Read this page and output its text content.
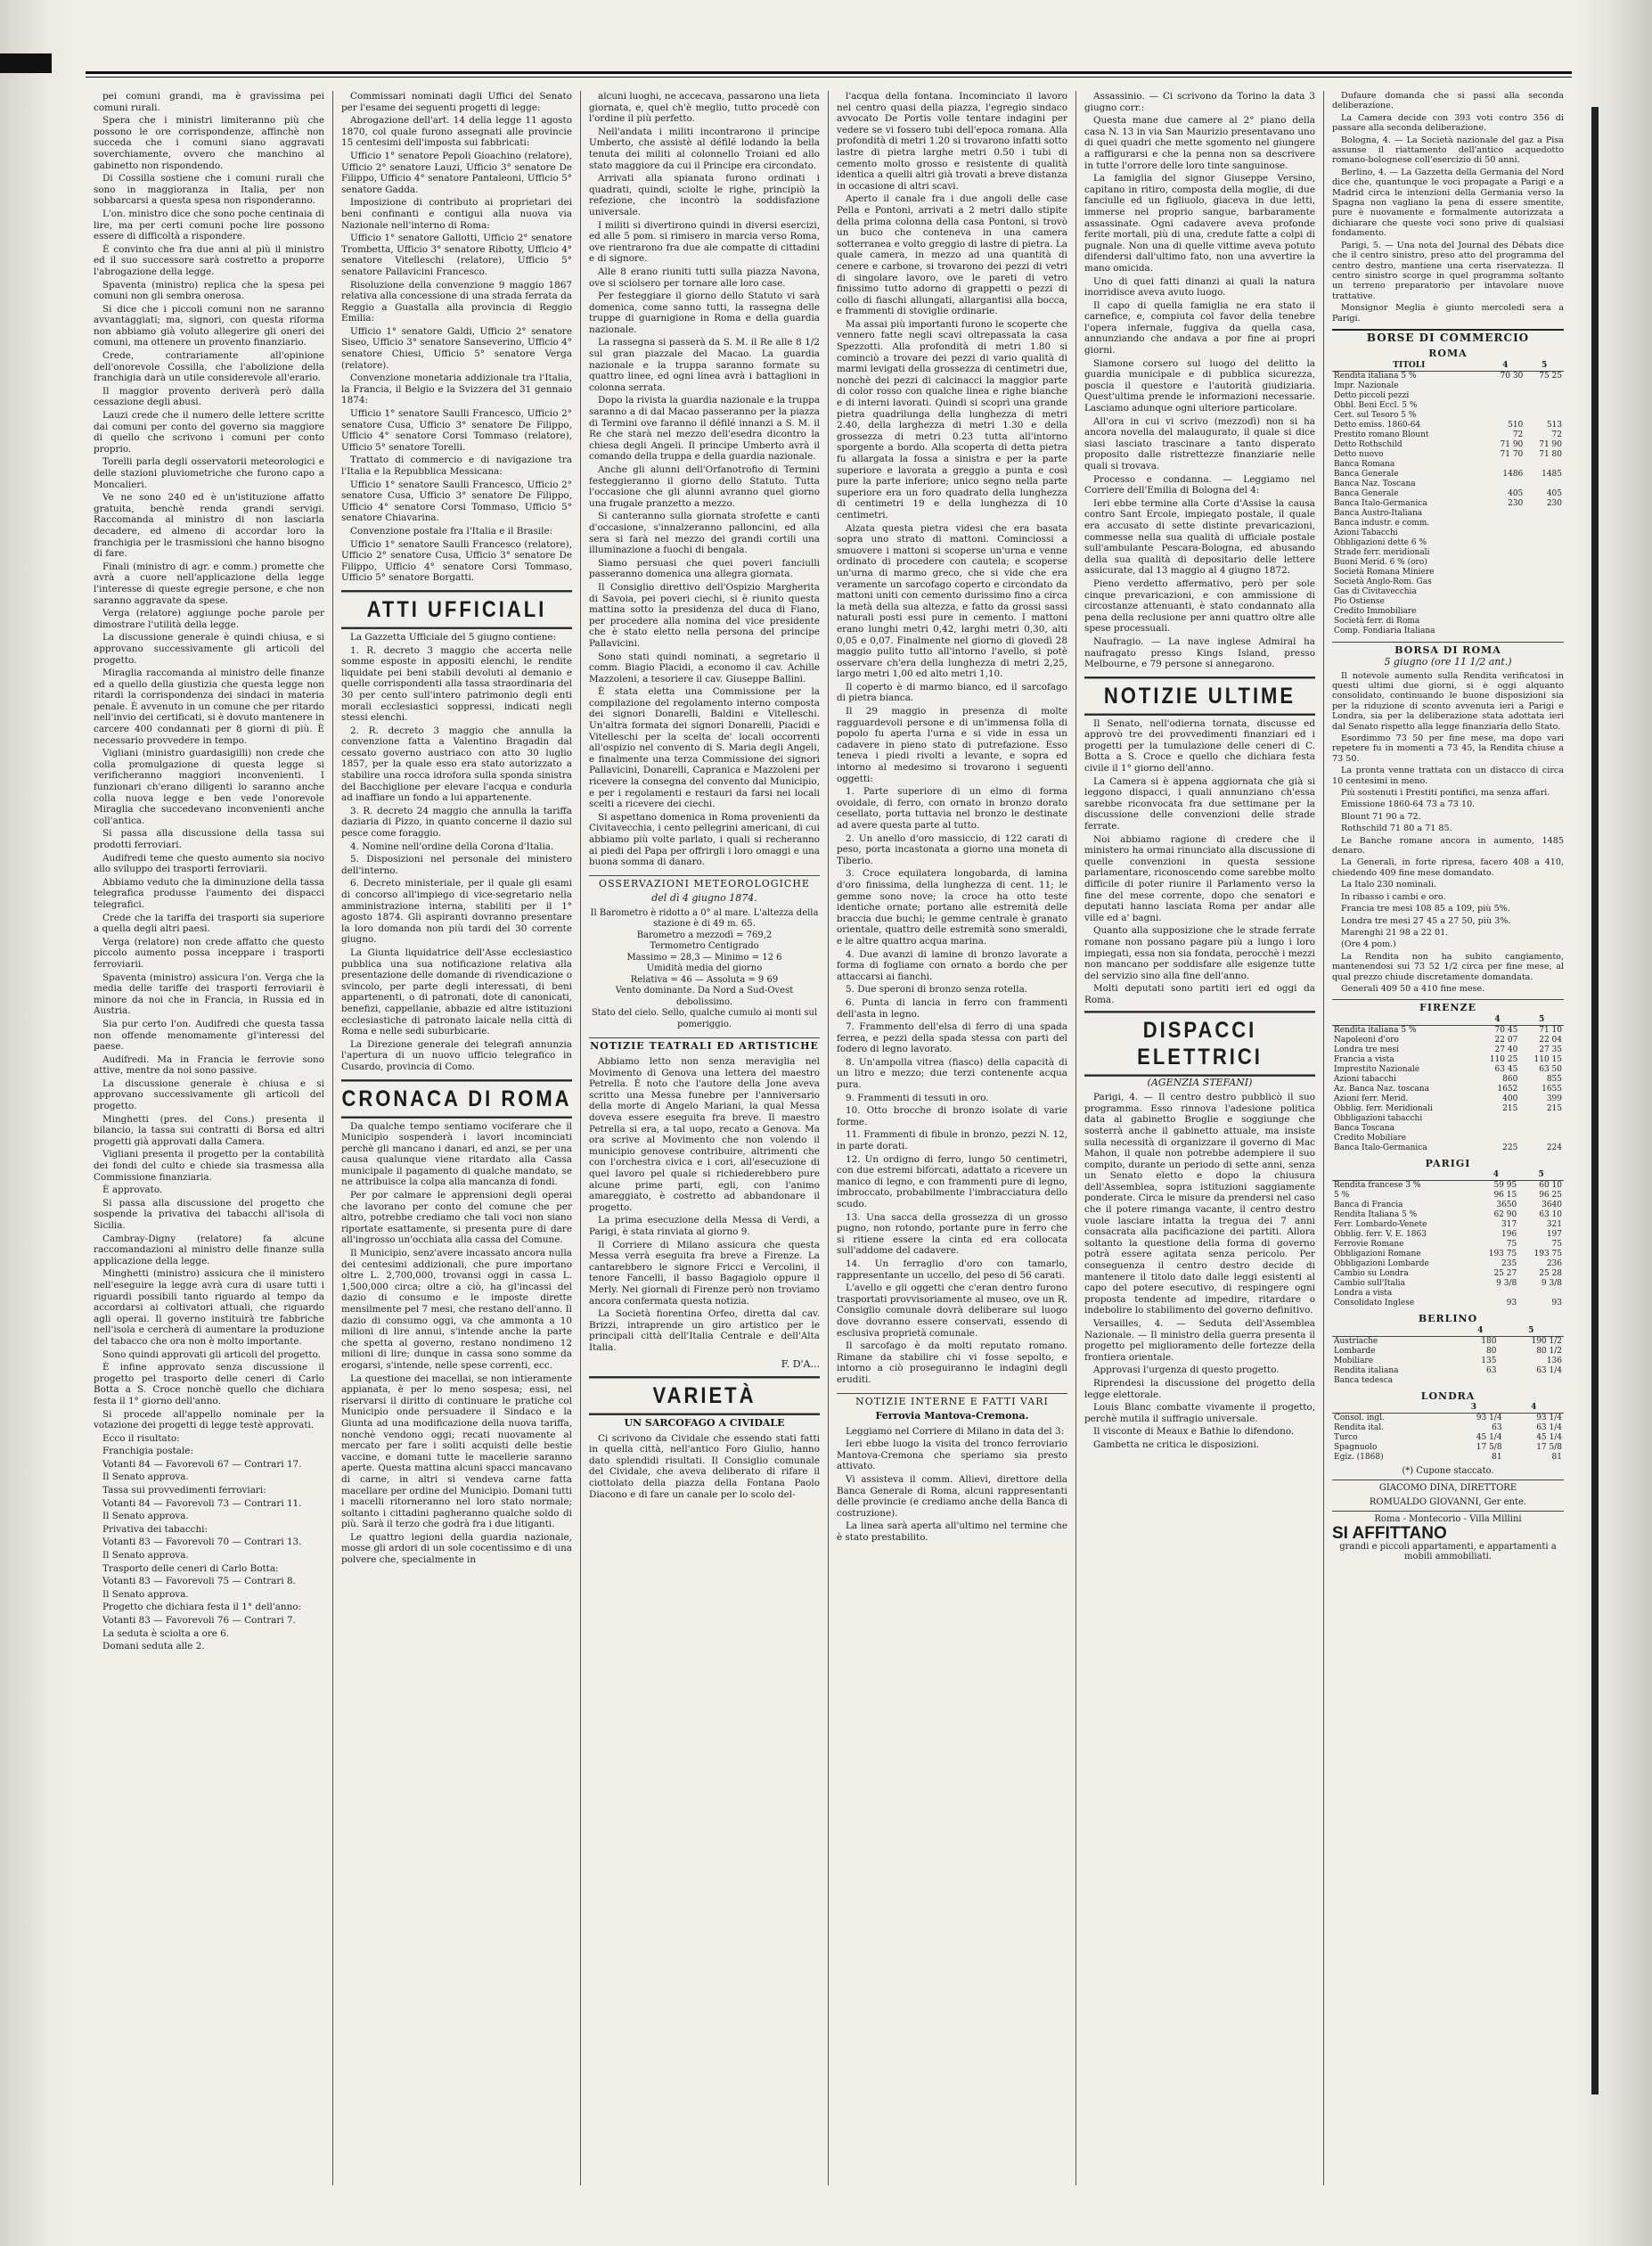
pei comuni grandi, ma è gravissima pei comuni rurali.

Spera che i ministri limiteranno più che possono le ore corrispondenze, affinchè non succeda che i comuni siano aggravati soverchiamente, ovvero che manchino al gabinetto non rispondendo.

Di Cossilla sostiene che i comuni rurali che sono in maggioranza in Italia, per non sobbarcarsi a questa spesa non risponderanno.

L'on. ministro dice che sono poche centinaia di lire, ma per certi comuni poche lire possono essere di difficoltà a rispondere.

È convinto che fra due anni al più il ministro ed il suo successore sarà costretto a proporre l'abrogazione della legge.

Spaventa (ministro) replica che la spesa pei comuni non gli sembra onerosa.

Si dice che i piccoli comuni non ne saranno avvantaggiati; ma, signori, con questa riforma non abbiamo già voluto allegerire gli oneri dei comuni, ma ottenere un provento finanziario.

Crede, contrariamente all'opinione dell'onorevole Cossilla, che l'abolizione della franchigia darà un utile considerevole all'erario.

Il maggior provento deriverà però dalla cessazione degli abusi.

Lauzi crede che il numero delle lettere scritte dai comuni per conto del governo sia maggiore di quello che scrivono i comuni per conto proprio.

Torelli parla degli osservatorii meteorologici e delle stazioni pluviometriche che furono capo a Moncalieri.

Ve ne sono 240 ed è un'istituzione affatto gratuita, benchè renda grandi servigi. Raccomanda al ministro di non lasciarla decadere, ed almeno di accordar loro la franchigia per le trasmissioni che hanno bisogno di fare.

Finali (ministro di agr. e comm.) promette che avrà a cuore nell'applicazione della legge l'interesse di queste egregie persone, e che non saranno aggravate da spese.

Verga (relatore) aggiunge poche parole per dimostrare l'utilità della legge.

La discussione generale è quindi chiusa, e si approvano successivamente gli articoli del progetto.

Miraglia raccomanda al ministro delle finanze ed a quello della giustizia che questa legge non ritardi la corrispondenza dei sindaci in materia penale. È avvenuto in un comune che per ritardo nell'invio dei certificati, si è dovuto mantenere in carcere 400 condannati per 8 giorni di più. È necessario provvedere in tempo.

Vigliani (ministro guardasigilli) non crede che colla promulgazione di questa legge si verificheranno maggiori inconvenienti. I funzionari ch'erano diligenti lo saranno anche colla nuova legge e ben vede l'onorevole Miraglia che succedevano inconvenienti anche coll'antica.

Si passa alla discussione della tassa sui prodotti ferroviari.

Audifredi teme che questo aumento sia nocivo allo sviluppo dei trasporti ferroviarii.

Abbiamo veduto che la diminuzione della tassa telegrafica produsse l'aumento dei dispacci telegrafici.

Crede che la tariffa dei trasporti sia superiore a quella degli altri paesi.

Verga (relatore) non crede affatto che questo piccolo aumento possa inceppare i trasporti ferroviarii.

Spaventa (ministro) assicura l'on. Verga che la media delle tariffe dei trasporti ferroviarii è minore da noi che in Francia, in Russia ed in Austria.

Sia pur certo l'on. Audifredi che questa tassa non offende menomamente gl'interessi del paese.

Audifredi. Ma in Francia le ferrovie sono attive, mentre da noi sono passive.

La discussione generale è chiusa e si approvano successivamente gli articoli del progetto.

Minghetti (pres. del Cons.) presenta il bilancio, la tassa sui contratti di Borsa ed altri progetti già approvati dalla Camera.

Vigliani presenta il progetto per la contabilità dei fondi del culto e chiede sia trasmessa alla Commissione finanziaria.

È approvato.

Si passa alla discussione del progetto che sospende la privativa dei tabacchi all'isola di Sicilia.

Cambray-Digny (relatore) fa alcune raccomandazioni al ministro delle finanze sulla applicazione della legge.

Minghetti (ministro) assicura che il ministero nell'eseguire la legge avrà cura di usare tutti i riguardi possibili tanto riguardo al tempo da accordarsi ai coltivatori attuali, che riguardo agli operai. Il governo instituirà tre fabbriche nell'isola e cercherà di aumentare la produzione del tabacco che ora non è molto importante.

Sono quindi approvati gli articoli del progetto.

È infine approvato senza discussione il progetto pel trasporto delle ceneri di Carlo Botta a S. Croce nonchè quello che dichiara festa il 1° giorno dell'anno.

Si procede all'appello nominale per la votazione dei progetti di legge testè approvati.

Ecco il risultato:

Franchigia postale:

Votanti 84 — Favorevoli 67 — Contrari 17.

Il Senato approva.

Tassa sui provvedimenti ferroviari:

Votanti 84 — Favorevoli 73 — Contrari 11.

Il Senato approva.

Privativa dei tabacchi:

Votanti 83 — Favorevoli 70 — Contrari 13.

Il Senato approva.

Trasporto delle ceneri di Carlo Botta:

Votanti 83 — Favorevoli 75 — Contrari 8.

Il Senato approva.

Progetto che dichiara festa il 1° dell'anno:

Votanti 83 — Favorevoli 76 — Contrari 7.

La seduta è sciolta a ore 6.

Domani seduta alle 2.

Commissari nominati dagli Uffici del Senato per l'esame dei seguenti progetti di legge:

Abrogazione dell'art. 14 della legge 11 agosto 1870, col quale furono assegnati alle provincie 15 centesimi dell'imposta sui fabbricati:

Ufficio 1° senatore Pepoli Gioachino (relatore), Ufficio 2° senatore Lauzi, Ufficio 3° senatore De Filippo, Ufficio 4° senatore Pantaleoni, Ufficio 5° senatore Gadda.

Imposizione di contributo ai proprietari dei beni confinanti e contigui alla nuova via Nazionale nell'interno di Roma:

Ufficio 1° senatore Gallotti, Ufficio 2° senatore Trombetta, Ufficio 3° senatore Ribotty, Ufficio 4° senatore Vitelleschi (relatore), Ufficio 5° senatore Pallavicini Francesco.

Risoluzione della convenzione 9 maggio 1867 relativa alla concessione di una strada ferrata da Reggio a Guastalla alla provincia di Reggio Emilia:

Ufficio 1° senatore Galdi, Ufficio 2° senatore Siseo, Ufficio 3° senatore Sanseverino, Ufficio 4° senatore Chiesi, Ufficio 5° senatore Verga (relatore).

Convenzione monetaria addizionale tra l'Italia, la Francia, il Belgio e la Svizzera del 31 gennaio 1874:

Ufficio 1° senatore Saulli Francesco, Ufficio 2° senatore Cusa, Ufficio 3° senatore De Filippo, Ufficio 4° senatore Corsi Tommaso (relatore), Ufficio 5° senatore Torelli.

Trattato di commercio e di navigazione tra l'Italia e la Repubblica Messicana:

Ufficio 1° senatore Saulli Francesco, Ufficio 2° senatore Cusa, Ufficio 3° senatore De Filippo, Ufficio 4° senatore Corsi Tommaso, Ufficio 5° senatore Chiavarina.

Convenzione postale fra l'Italia e il Brasile:

Ufficio 1° senatore Saulli Francesco (relatore), Ufficio 2° senatore Cusa, Ufficio 3° senatore De Filippo, Ufficio 4° senatore Corsi Tommaso, Ufficio 5° senatore Borgatti.

ATTI UFFICIALI

La Gazzetta Ufficiale del 5 giugno contiene:

1. R. decreto 3 maggio che accerta nelle somme esposte in appositi elenchi, le rendite liquidate pei beni stabili devoluti al demanio e quelle corrispondenti alla tassa straordinaria del 30 per cento sull'intero patrimonio degli enti morali ecclesiastici soppressi, indicati negli stessi elenchi.

2. R. decreto 3 maggio che annulla la convenzione fatta a Valentino Bragadin dal cessato governo austriaco con atto 30 luglio 1857, per la quale esso era stato autorizzato a stabilire una rocca idrofora sulla sponda sinistra del Bacchiglione per elevare l'acqua e condurla ad inaffiare un fondo a lui appartenente.

3. R. decreto 24 maggio che annulla la tariffa daziaria di Pizzo, in quanto concerne il dazio sul pesce come foraggio.

4. Nomine nell'ordine della Corona d'Italia.

5. Disposizioni nel personale del ministero dell'interno.

6. Decreto ministeriale, per il quale gli esami di concorso all'impiego di vice-segretario nella amministrazione interna, stabiliti per il 1° agosto 1874. Gli aspiranti dovranno presentare la loro domanda non più tardi del 30 corrente giugno.

La Giunta liquidatrice dell'Asse ecclesiastico pubblica una sua notificazione relativa alla presentazione delle domande di rivendicazione o svincolo, per parte degli interessati, di beni appartenenti, o di patronati, dote di canonicati, benefizi, cappellanie, abbazie ed altre istituzioni ecclesiastiche di patronato laicale nella città di Roma e nelle sedi suburbicarie.

La Direzione generale dei telegrafi annunzia l'apertura di un nuovo ufficio telegrafico in Cusardo, provincia di Como.

CRONACA DI ROMA

Da qualche tempo sentiamo vociferare che il Municipio sospenderà i lavori incominciati perchè gli mancano i danari, ed anzi, se per una causa qualunque viene ritardato alla Cassa municipale il pagamento di qualche mandato, se ne attribuisce la colpa alla mancanza di fondi.

Per por calmare le apprensioni degli operai che lavorano per conto del comune che per altro, potrebbe crediamo che tali voci non siano riportate esattamente, si presenta pure di dare all'ingrosso un'occhiata alla cassa del Comune.

Il Municipio, senz'avere incassato ancora nulla dei centesimi addizionali, che pure importano oltre L. 2,700,000, trovansi oggi in cassa L. 1,500,000 circa; oltre a ciò, ha gl'incassi del dazio di consumo e le imposte dirette mensilmente pel 7 mesi, che restano dell'anno. Il dazio di consumo oggi, va che ammonta a 10 milioni di lire annui, s'intende anche la parte che spetta al governo, restano nondimeno 12 milioni di lire; dunque in cassa sono somme da erogarsi, s'intende, nelle spese correnti, ecc.

La questione dei macellai, se non intieramente appianata, è per lo meno sospesa; essi, nel riservarsi il diritto di continuare le pratiche col Municipio onde persuadere il Sindaco e la Giunta ad una modificazione della nuova tariffa, nonchè vendono oggi; recati nuovamente al mercato per fare i soliti acquisti delle bestie vaccine, e domani tutte le macellerie saranno aperte. Questa mattina alcuni spacci mancavano di carne, in altri si vendeva carne fatta macellare per ordine del Municipio. Domani tutti i macelli ritorneranno nel loro stato normale; soltanto i cittadini pagheranno qualche soldo di più. Sarà il terzo che godrà fra i due litiganti.

Le quattro legioni della guardia nazionale, mosse gli ardori di un sole cocentissimo e di una polvere che, specialmente in

alcuni luoghi, ne accecava, passarono una lieta giornata, e, quel ch'è meglio, tutto procedè con l'ordine il più perfetto.

Nell'andata i militi incontrarono il principe Umberto, che assistè al défilé lodando la bella tenuta dei militi al colonnello Troiani ed allo stato maggiore da cui il Principe era circondato.

Arrivati alla spianata furono ordinati i quadrati, quindi, sciolte le righe, principiò la refezione, che incontrò la soddisfazione universale.

I militi si divertirono quindi in diversi esercizi, ed alle 5 pom. si rimisero in marcia verso Roma, ove rientrarono fra due ale compatte di cittadini e di signore.

Alle 8 erano riuniti tutti sulla piazza Navona, ove si sciolsero per tornare alle loro case.

Per festeggiare il giorno dello Statuto vi sarà domenica, come sanno tutti, la rassegna delle truppe di guarnigione in Roma e della guardia nazionale.

La rassegna si passerà da S. M. il Re alle 8 1/2 sul gran piazzale del Macao. La guardia nazionale e la truppa saranno formate su quattro linee, ed ogni linea avrà i battaglioni in colonna serrata.

Dopo la rivista la guardia nazionale e la truppa saranno a di dal Macao passeranno per la piazza di Termini ove faranno il défilé innanzi a S. M. il Re che starà nel mezzo dell'esedra dicontro la chiesa degli Angeli. Il principe Umberto avrà il comando della truppa e della guardia nazionale.

Anche gli alunni dell'Orfanotrofio di Termini festeggieranno il giorno dello Statuto. Tutta l'occasione che gli alunni avranno quel giorno una frugale pranzetto a mezzo.

Si canteranno sulla giornata strofette e canti d'occasione, s'innalzeranno palloncini, ed alla sera si farà nel mezzo dei grandi cortili una illuminazione a fuochi di bengala.

Siamo persuasi che quei poveri fanciulli passeranno domenica una allegra giornata.

Il Consiglio direttivo dell'Ospizio Margherita di Savoia, pei poveri ciechi, si è riunito questa mattina sotto la presidenza del duca di Fiano, per procedere alla nomina del vice presidente che è stato eletto nella persona del principe Pallavicini.

Sono stati quindi nominati, a segretario il comm. Biagio Placidi, a economo il cav. Achille Mazzoleni, a tesoriere il cav. Giuseppe Ballini.

È stata eletta una Commissione per la compilazione del regolamento interno composta dei signori Donarelli, Baldini e Vitelleschi. Un'altra formata dei signori Donarelli, Piacidi e Vitelleschi per la scelta de' locali occorrenti all'ospizio nel convento di S. Maria degli Angeli, e finalmente una terza Commissione dei signori Pallavicini, Donarelli, Capranica e Mazzoleni per ricevere la consegna del convento dal Municipio, e per i regolamenti e restauri da farsi nei locali scelti a ricevere dei ciechi.

Si aspettano domenica in Roma provenienti da Civitavecchia, i cento pellegrini americani, di cui abbiamo più volte parlato, i quali si recheranno ai piedi del Papa per offrirgli i loro omaggi e una buona somma di danaro.

OSSERVAZIONI METEOROLOGICHE
del dì 4 giugno 1874.
Il Barometro è ridotto a 0° al mare. L'altezza della stazione è di 49 m. 65.
Barometro a mezzodì = 769,2
Termometro Centigrado
Massimo = 28,3 — Minimo = 12 6
Umidità media del giorno
Relativa = 46 — Assoluta = 9 69
Vento dominante. Da Nord a Sud-Ovest debolissimo.
Stato del cielo. Sello, qualche cumulo ai monti sul pomeriggio.
NOTIZIE TEATRALI ED ARTISTICHE

Abbiamo letto non senza meraviglia nel Movimento di Genova una lettera del maestro Petrella. È noto che l'autore della Jone aveva scritto una Messa funebre per l'anniversario della morte di Angelo Mariani, la qual Messa doveva essere eseguita fra breve. Il maestro Petrella si era, a tal uopo, recato a Genova. Ma ora scrive al Movimento che non volendo il municipio genovese contribuire, altrimenti che con l'orchestra civica e i cori, all'esecuzione di quel lavoro pel quale si richiederebbero pure alcune prime parti, egli, con l'animo amareggiato, è costretto ad abbandonare il progetto.

La prima esecuzione della Messa di Verdi, a Parigi, è stata rinviata al giorno 9.

Il Corriere di Milano assicura che questa Messa verrà eseguita fra breve a Firenze. La cantarebbero le signore Fricci e Vercolini, il tenore Fancelli, il basso Bagagiolo oppure il Merly. Nei giornali di Firenze però non troviamo ancora confermata questa notizia.

La Società fiorentina Orfeo, diretta dal cav. Brizzi, intraprende un giro artistico per le principali città dell'Italia Centrale e dell'Alta Italia.

F. D'A...
VARIETÀ
UN SARCOFAGO A CIVIDALE

Ci scrivono da Cividale che essendo stati fatti in quella città, nell'antico Foro Giulio, hanno dato splendidi risultati. Il Consiglio comunale del Cividale, che aveva deliberato di rifare il ciottolato della piazza della Fontana Paolo Diacono e di fare un canale per lo scolo del-

l'acqua della fontana. Incominciato il lavoro nel centro quasi della piazza, l'egregio sindaco avvocato De Portis volle tentare indagini per vedere se vi fossero tubi dell'epoca romana. Alla profondità di metri 1.20 si trovarono infatti sotto lastre di pietra larghe metri 0.50 i tubi di cemento molto grosso e resistente di qualità identica a quelli altri già trovati a breve distanza in occasione di altri scavi.

Aperto il canale fra i due angoli delle case Pella e Pontoni, arrivati a 2 metri dallo stipite della prima colonna della casa Pontoni, si trovò un buco che conteneva in una camera sotterranea e volto greggio di lastre di pietra. La quale camera, in mezzo ad una quantità di cenere e carbone, si trovarono dei pezzi di vetri di singolare lavoro, ove le pareti di vetro finissimo tutto adorno di grappetti o pezzi di collo di fiaschi allungati, allargantisi alla bocca, e frammenti di stoviglie ordinarie.

Ma assai più importanti furono le scoperte che vennero fatte negli scavi oltrepassata la casa Spezzotti. Alla profondità di metri 1.80 si cominciò a trovare dei pezzi di vario qualità di marmi levigati della grossezza di centimetri due, nonchè dei pezzi di calcinacci la maggior parte di color rosso con qualche linea e righe bianche e di interni lavorati. Quindi si scoprì una grande pietra quadrilunga della lunghezza di metri 2.40, della larghezza di metri 1.30 e della grossezza di metri 0.23 tutta all'intorno sporgente a bordo. Alla scoperta di detta pietra fu allargata la fossa a sinistra e per la parte superiore e lavorata a greggio a punta e così pure la parte inferiore; unico segno nella parte superiore era un foro quadrato della lunghezza di centimetri 19 e della lunghezza di 10 centimetri.

Alzata questa pietra videsi che era basata sopra uno strato di mattoni. Cominciossi a smuovere i mattoni si scoperse un'urna e venne ordinato di procedere con cautela; e scoperse un'urna di marmo greco, che si vide che era veramente un sarcofago coperto e circondato da mattoni uniti con cemento durissimo fino a circa la metà della sua altezza, e fatto da grossi sassi naturali posti essi pure in cemento. I mattoni erano lunghi metri 0,42, larghi metri 0,30, alti 0,05 e 0,07. Finalmente nel giorno di giovedì 28 maggio pulito tutto all'intorno l'avello, si potè osservare ch'era della lunghezza di metri 2,25, largo metri 1,00 ed alto metri 1,10.

Il coperto è di marmo bianco, ed il sarcofago di pietra bianca.

Il 29 maggio in presenza di molte ragguardevoli persone e di un'immensa folla di popolo fu aperta l'urna e si vide in essa un cadavere in pieno stato di putrefazione. Esso teneva i piedi rivolti a levante, e sopra ed intorno al medesimo si trovarono i seguenti oggetti:

1. Parte superiore di un elmo di forma ovoidale, di ferro, con ornato in bronzo dorato cesellato, porta tuttavia nel bronzo le destinate ad avere questa parte al tutto.

2. Un anello d'oro massiccio, di 122 carati di peso, porta incastonata a giorno una moneta di Tiberio.

3. Croce equilatera longobarda, di lamina d'oro finissima, della lunghezza di cent. 11; le gemme sono nove; la croce ha otto teste identiche ornate; portano alle estremità delle braccia due buchi; le gemme centrale è granato orientale, quattro delle estremità sono smeraldi, e le altre quattro acqua marina.

4. Due avanzi di lamine di bronzo lavorate a forma di fogliame con ornato a bordo che per attaccarsi ai fianchi.

5. Due speroni di bronzo senza rotella.

6. Punta di lancia in ferro con frammenti dell'asta in legno.

7. Frammento dell'elsa di ferro di una spada ferrea, e pezzi della spada stessa con parti del fodero di legno lavorato.

8. Un'ampolla vitrea (fiasco) della capacità di un litro e mezzo; due terzi contenente acqua pura.

9. Frammenti di tessuti in oro.

10. Otto brocche di bronzo isolate di varie forme.

11. Frammenti di fibule in bronzo, pezzi N. 12, in parte dorati.

12. Un ordigno di ferro, lungo 50 centimetri, con due estremi biforcati, adattato a ricevere un manico di legno, e con frammenti pure di legno, imbroccato, probabilmente l'imbracciatura dello scudo.

13. Una sacca della grossezza di un grosso pugno, non rotondo, portante pure in ferro che si ritiene essere la cinta ed era collocata sull'addome del cadavere.

14. Un ferraglio d'oro con tamarlo, rappresentante un uccello, del peso di 56 carati.

L'avello e gli oggetti che c'eran dentro furono trasportati provvisoriamente al museo, ove un R. Consiglio comunale dovrà deliberare sul luogo dove dovranno essere conservati, essendo di esclusiva proprietà comunale.

Il sarcofago è da molti reputato romano. Rimane da stabilire chi vi fosse sepolto, e intorno a ciò proseguiranno le indagini degli eruditi.

NOTIZIE INTERNE E FATTI VARI
Ferrovia Mantova-Cremona.

Leggiamo nel Corriere di Milano in data del 3:

Ieri ebbe luogo la visita del tronco ferroviario Mantova-Cremona che speriamo sia presto attivato.

Vi assisteva il comm. Allievi, direttore della Banca Generale di Roma, alcuni rappresentanti delle provincie (e crediamo anche della Banca di costruzione).

La linea sarà aperta all'ultimo nel termine che è stato prestabilito.

Assassinio. — Ci scrivono da Torino la data 3 giugno corr.:

Questa mane due camere al 2° piano della casa N. 13 in via San Maurizio presentavano uno di quei quadri che mette sgomento nel giungere a raffigurarsi e che la penna non sa descrivere in tutte l'orrore delle loro tinte sanguinose.

La famiglia del signor Giuseppe Versino, capitano in ritiro, composta della moglie, di due fanciulle ed un figliuolo, giaceva in due letti, immerse nel proprio sangue, barbaramente assassinate. Ogni cadavere aveva profonde ferite mortali, più di una, credute fatte a colpi di pugnale. Non una di quelle vittime aveva potuto difendersi dall'ultimo fato, non una avvertire la mano omicida.

Uno di quei fatti dinanzi ai quali la natura inorridisce aveva avuto luogo.

Il capo di quella famiglia ne era stato il carnefice, e, compiuta col favor della tenebre l'opera infernale, fuggiva da quella casa, annunziando che andava a por fine ai propri giorni.

Siamone corsero sul luogo del delitto la guardia municipale e di pubblica sicurezza, poscia il questore e l'autorità giudiziaria. Quest'ultima prende le informazioni necessarie. Lasciamo adunque ogni ulteriore particolare.

All'ora in cui vi scrivo (mezzodì) non si ha ancora novella del malaugurato, il quale si dice siasi lasciato trascinare a tanto disperato proposito dalle ristrettezze finanziarie nelle quali si trovava.

Processo e condanna. — Leggiamo nel Corriere dell'Emilia di Bologna del 4:

Ieri ebbe termine alla Corte d'Assise la causa contro Sant Ercole, impiegato postale, il quale era accusato di sette distinte prevaricazioni, commesse nella sua qualità di ufficiale postale sull'ambulante Pescara-Bologna, ed abusando della sua qualità di depositario delle lettere assicurate, dal 13 maggio al 4 giugno 1872.

Pieno verdetto affermativo, però per sole cinque prevaricazioni, e con ammissione di circostanze attenuanti, è stato condannato alla pena della reclusione per anni quattro oltre alle spese processuali.

Naufragio. — La nave inglese Admiral ha naufragato presso Kings Island, presso Melbourne, e 79 persone si annegarono.

NOTIZIE ULTIME

Il Senato, nell'odierna tornata, discusse ed approvò tre dei provvedimenti finanziari ed i progetti per la tumulazione delle ceneri di C. Botta a S. Croce e quello che dichiara festa civile il 1° giorno dell'anno.

La Camera si è appena aggiornata che già si leggono dispacci, i quali annunziano ch'essa sarebbe riconvocata fra due settimane per la discussione delle convenzioni delle strade ferrate.

Noi abbiamo ragione di credere che il ministero ha ormai rinunciato alla discussione di quelle convenzioni in questa sessione parlamentare, riconoscendo come sarebbe molto difficile di poter riunire il Parlamento verso la fine del mese corrente, dopo che senatori e deputati hanno lasciata Roma per andar alle ville ed a' bagni.

Quanto alla supposizione che le strade ferrate romane non possano pagare più a lungo i loro impiegati, essa non sia fondata, perocchè i mezzi non mancano per soddisfare alle esigenze tutte del servizio sino alla fine dell'anno.

Molti deputati sono partiti ieri ed oggi da Roma.

DISPACCI ELETTRICI
(AGENZIA STEFANI)

Parigi, 4. — Il centro destro pubblicò il suo programma. Esso rinnova l'adesione politica data al gabinetto Broglie e soggiunge che sosterrà anche il gabinetto attuale, ma insiste sulla necessità di organizzare il governo di Mac Mahon, il quale non potrebbe adempiere il suo compito, durante un periodo di sette anni, senza un Senato eletto e dopo la chiusura dell'Assemblea, sopra istituzioni saggiamente ponderate. Circa le misure da prendersi nel caso che il potere rimanga vacante, il centro destro vuole lasciare intatta la tregua dei 7 anni consacrata alla pacificazione dei partiti. Allora soltanto la questione della forma di governo potrà essere agitata senza pericolo. Per conseguenza il centro destro decide di mantenere il titolo dato dalle leggi esistenti al capo del potere esecutivo, di respingere ogni proposta tendente ad impedire, ritardare o indebolire lo stabilimento del governo definitivo.

Versailles, 4. — Seduta dell'Assemblea Nazionale. — Il ministro della guerra presenta il progetto pel miglioramento delle fortezze della frontiera orientale.

Approvasi l'urgenza di questo progetto.

Riprendesi la discussione del progetto della legge elettorale.

Louis Blanc combatte vivamente il progetto, perchè mutila il suffragio universale.

Il visconte di Meaux e Bathie lo difendono.

Gambetta ne critica le disposizioni.

Dufaure domanda che si passi alla seconda deliberazione.

La Camera decide con 393 voti contro 356 di passare alla seconda deliberazione.

Bologna, 4. — La Società nazionale del gaz a Pisa assunse il riattamento dell'antico acquedotto romano-bolognese coll'esercizio di 50 anni.

Berlino, 4. — La Gazzetta della Germania del Nord dice che, quantunque le voci propagate a Parigi e a Madrid circa le intenzioni della Germania verso la Spagna non vagliano la pena di essere smentite, pure è nuovamente e formalmente autorizzata a dichiarare che queste voci sono prive di qualsiasi fondamento.

Parigi, 5. — Una nota del Journal des Débats dice che il centro sinistro, preso atto del programma del centro destro, mantiene una certa riservatezza. Il centro sinistro scorge in quel programma soltanto un terreno preparatorio per intavolare nuove trattative.

Monsignor Meglia è giunto mercoledì sera a Parigi.

BORSE DI COMMERCIO
ROMA
TITOLI	4	5
Rendita italiana 5 %	70 30	75 25
Impr. Nazionale		
Detto piccoli pezzi		
Obbl. Beni Eccl. 5 %		
Cert. sul Tesoro 5 %		
Detto emiss. 1860-64	510	513
Prestito romano Blount	72	72
Detto Rothschild	71 90	71 90
Detto nuovo	71 70	71 80
Banca Romana		
Banca Generale	1486	1485
Banca Naz. Toscana		
Banca Generale	405	405
Banca Italo-Germanica	230	230
Banca Austro-Italiana		
Banca industr. e comm.		
Azioni Tabacchi		
Obbligazioni dette 6 %		
Strade ferr. meridionali		
Buoni Merid. 6 % (oro)		
Società Romana Miniere		
Società Anglo-Rom. Gas		
Gas di Civitavecchia		
Pio Ostiense		
Credito Immobiliare		
Società ferr. di Roma		
Comp. Fondiaria Italiana		
BORSA DI ROMA
5 giugno (ore 11 1/2 ant.)

Il notevole aumento sulla Rendita verificatosi in questi ultimi due giorni, si è oggi alquanto consolidato, continuando le buone disposizioni sia per la riduzione di sconto avvenuta ieri a Parigi e Londra, sia per la deliberazione stata adottata ieri dal Senato rispetto alla legge finanziaria dello Stato.

Esordimmo 73 50 per fine mese, ma dopo vari repetere fu in momenti a 73 45, la Rendita chiuse a 73 50.

La pronta venne trattata con un distacco di circa 10 centesimi in meno.

Più sostenuti i Prestiti pontifici, ma senza affari.

Emissione 1860-64 73 a 73 10.

Blount 71 90 a 72.

Rothschild 71 80 a 71 85.

Le Banche romane ancora in aumento, 1485 denaro.

La Generali, in forte ripresa, facero 408 a 410, chiedendo 409 fine mese domandato.

La Italo 230 nominali.

In ribasso i cambi e oro.

Francia tre mesi 108 85 a 109, più 5%.

Londra tre mesi 27 45 a 27 50, più 3%.

Marenghi 21 98 a 22 01.

(Ore 4 pom.)

La Rendita non ha subito cangiamento, mantenendosi sui 73 52 1/2 circa per fine mese, al qual prezzo chiude discretamente domandata.

Generali 409 50 a 410 fine mese.

FIRENZE
	4	5
Rendita italiana 5 %	70 45	71 10
Napoleoni d'oro	22 07	22 04
Londra tre mesi	27 40	27 35
Francia a vista	110 25	110 15
Imprestito Nazionale	63 45	63 50
Azioni tabacchi	860	855
Az. Banca Naz. toscana	1652	1655
Azioni ferr. Merid.	400	399
Obblig. ferr. Meridionali	215	215
Obbligazioni tabacchi		
Banca Toscana		
Credito Mobiliare		
Banca Italo-Germanica	225	224
PARIGI
	4	5
Rendita francese 3 %	59 95	60 10
5 %	96 15	96 25
Banca di Francia	3650	3640
Rendita Italiana 5 %	62 90	63 10
Ferr. Lombardo-Venete	317	321
Obblig. ferr. V. E. 1863	196	197
Ferrovie Romane	75	75
Obbligazioni Romane	193 75	193 75
Obbligazioni Lombarde	235	236
Cambio su Londra	25 27	25 28
Cambio sull'Italia	9 3/8	9 3/8
Londra a vista		
Consolidato Inglese	93	93
BERLINO
	4	5
Austriache	180	190 1/2
Lombarde	80	80 1/2
Mobiliare	135	136
Rendita italiana	63	63 1/4
Banca tedesca		
LONDRA
	3	4
Consol. ingl.	93 1/4	93 1/4
Rendita ital.	63	63 1/4
Turco	45 1/4	45 1/4
Spagnuolo	17 5/8	17 5/8
Egiz. (1868)	81	81
(*) Cupone staccato.
GIACOMO DINA, DIRETTORE
ROMUALDO GIOVANNI, Ger ente.
Roma - Montecorio - Villa Millini
SI AFFITTANO
grandi e piccoli appartamenti, e appartamenti a mobili ammobiliati.
